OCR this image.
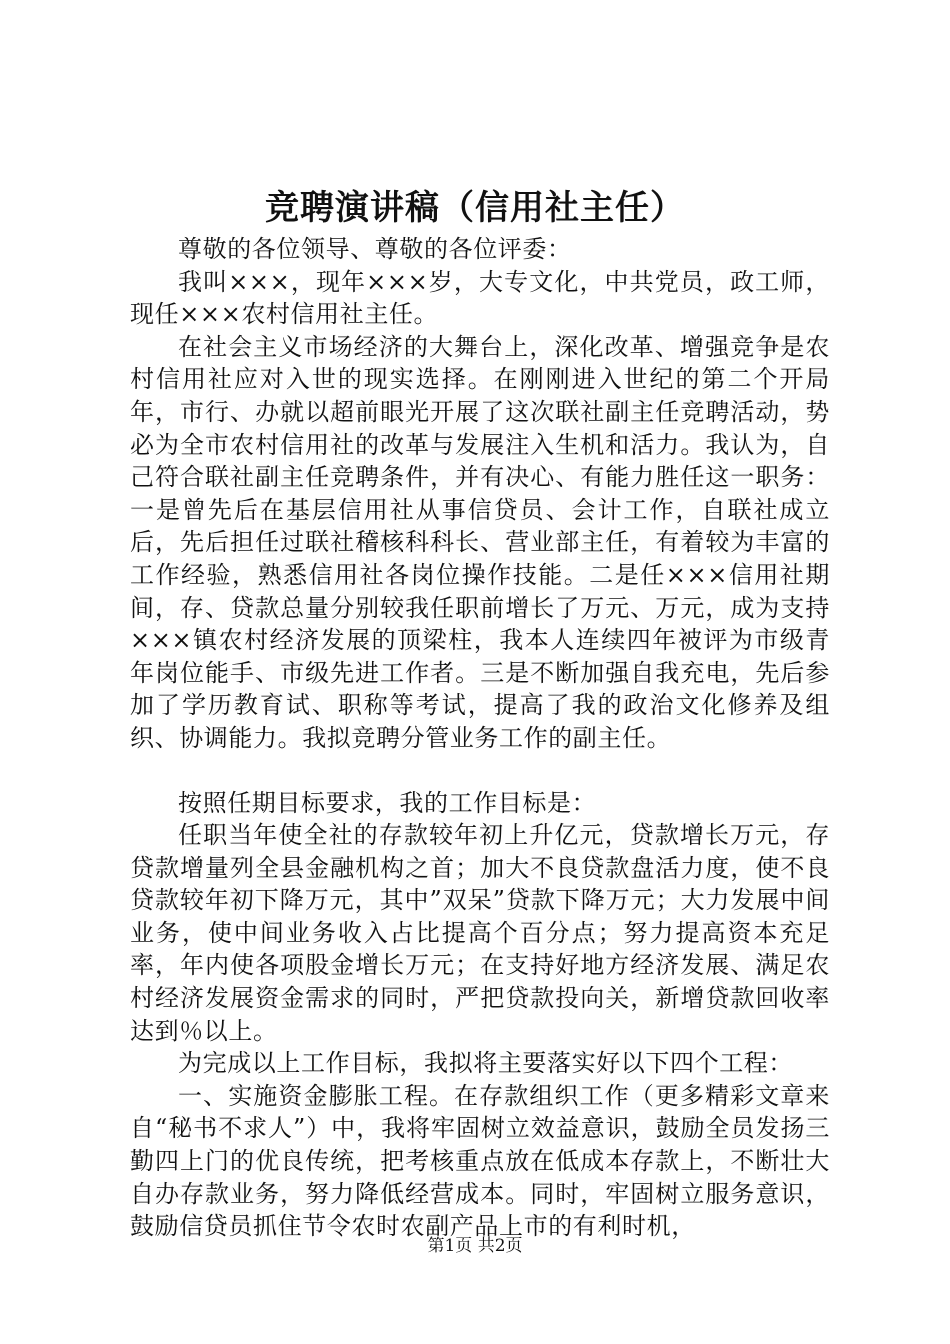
竞聘演讲稿（信用社主任）

尊敬的各位领导、尊敬的各位评委：

我叫×××，现年×××岁，大专文化，中共党员，政工师，现任×××农村信用社主任。

在社会主义市场经济的大舞台上，深化改革、增强竞争是农村信用社应对入世的现实选择。在刚刚进入世纪的第二个开局年，市行、办就以超前眼光开展了这次联社副主任竞聘活动，势必为全市农村信用社的改革与发展注入生机和活力。我认为，自己符合联社副主任竞聘条件，并有决心、有能力胜任这一职务：一是曾先后在基层信用社从事信贷员、会计工作，自联社成立后，先后担任过联社稽核科科长、营业部主任，有着较为丰富的工作经验，熟悉信用社各岗位操作技能。二是任×××信用社期间，存、贷款总量分别较我任职前增长了万元、万元，成为支持×××镇农村经济发展的顶梁柱，我本人连续四年被评为市级青年岗位能手、市级先进工作者。三是不断加强自我充电，先后参加了学历教育试、职称等考试，提高了我的政治文化修养及组织、协调能力。我拟竞聘分管业务工作的副主任。

按照任期目标要求，我的工作目标是：

任职当年使全社的存款较年初上升亿元，贷款增长万元，存贷款增量列全县金融机构之首；加大不良贷款盘活力度，使不良贷款较年初下降万元，其中”双呆”贷款下降万元；大力发展中间业务，使中间业务收入占比提高个百分点；努力提高资本充足率，年内使各项股金增长万元；在支持好地方经济发展、满足农村经济发展资金需求的同时，严把贷款投向关，新增贷款回收率达到％以上。

为完成以上工作目标，我拟将主要落实好以下四个工程：

一、实施资金膨胀工程。在存款组织工作（更多精彩文章来自“秘书不求人”）中，我将牢固树立效益意识，鼓励全员发扬三勤四上门的优良传统，把考核重点放在低成本存款上，不断壮大自办存款业务，努力降低经营成本。同时，牢固树立服务意识，鼓励信贷员抓住节令农时农副产品上市的有利时机，

第1页 共2页
